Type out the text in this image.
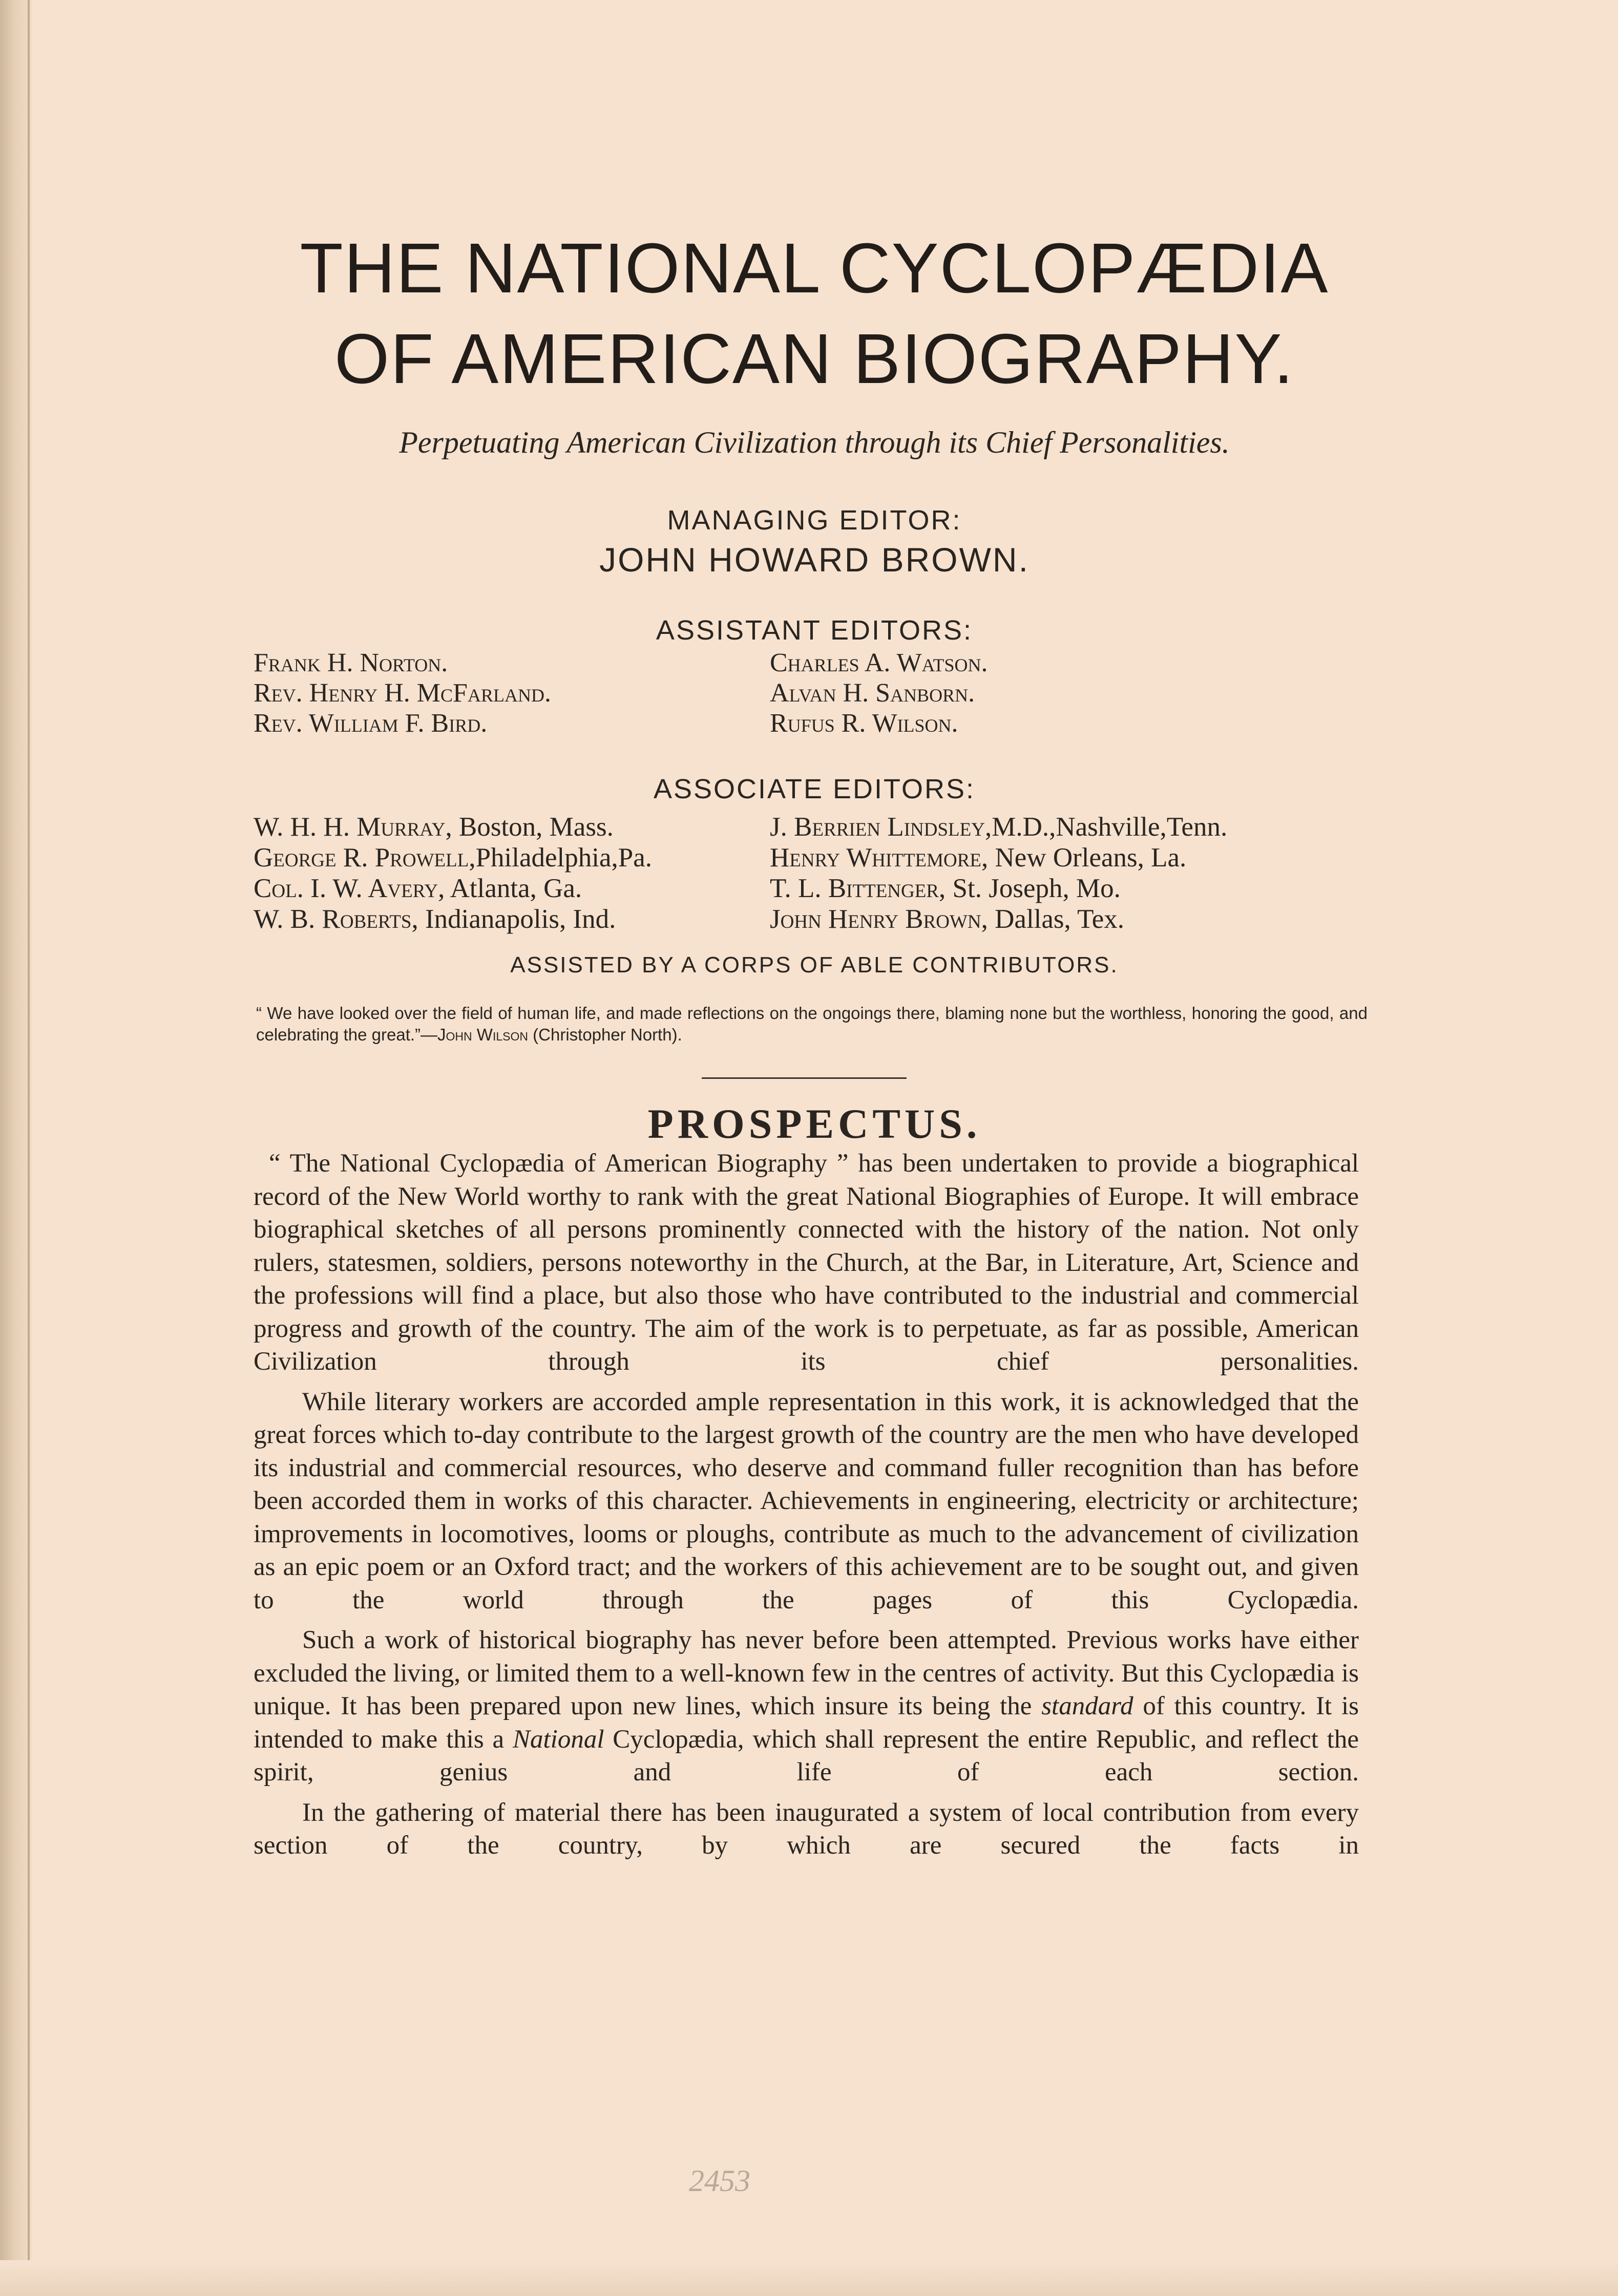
THE NATIONAL CYCLOPÆDIA
OF AMERICAN BIOGRAPHY.
Perpetuating American Civilization through its Chief Personalities.
MANAGING EDITOR:
JOHN HOWARD BROWN.
ASSISTANT EDITORS:
Frank H. Norton.
Rev. Henry H. McFarland.
Rev. William F. Bird.
Charles A. Watson.
Alvan H. Sanborn.
Rufus R. Wilson.
ASSOCIATE EDITORS:
W. H. H. Murray, Boston, Mass.
George R. Prowell,Philadelphia,Pa.
Col. I. W. Avery, Atlanta, Ga.
W. B. Roberts, Indianapolis, Ind.
J. Berrien Lindsley,M.D.,Nashville,Tenn.
Henry Whittemore, New Orleans, La.
T. L. Bittenger, St. Joseph, Mo.
John Henry Brown, Dallas, Tex.
ASSISTED BY A CORPS OF ABLE CONTRIBUTORS.
“ We have looked over the field of human life, and made reflections on the ongoings there, blaming none but the worthless, honoring the good, and celebrating the great.”—John Wilson (Christopher North).
PROSPECTUS.

“ The National Cyclopædia of American Biography ” has been undertaken to provide a biographical record of the New World worthy to rank with the great National Biographies of Europe. It will embrace biographical sketches of all persons prominently connected with the history of the nation. Not only rulers, statesmen, soldiers, persons noteworthy in the Church, at the Bar, in Literature, Art, Science and the professions will find a place, but also those who have contributed to the industrial and commercial progress and growth of the country. The aim of the work is to perpetuate, as far as possible, American Civilization through its chief personalities.

While literary workers are accorded ample representation in this work, it is acknowledged that the great forces which to-day contribute to the largest growth of the country are the men who have developed its industrial and commercial resources, who deserve and command fuller recognition than has before been accorded them in works of this character. Achievements in engineering, electricity or architecture; improvements in locomotives, looms or ploughs, contribute as much to the advancement of civilization as an epic poem or an Oxford tract; and the workers of this achievement are to be sought out, and given to the world through the pages of this Cyclopædia.

Such a work of historical biography has never before been attempted. Previous works have either excluded the living, or limited them to a well-known few in the centres of activity. But this Cyclopædia is unique. It has been prepared upon new lines, which insure its being the standard of this country. It is intended to make this a National Cyclopædia, which shall represent the entire Republic, and reflect the spirit, genius and life of each section.

In the gathering of material there has been inaugurated a system of local contribution from every section of the country, by which are secured the facts in

2453
